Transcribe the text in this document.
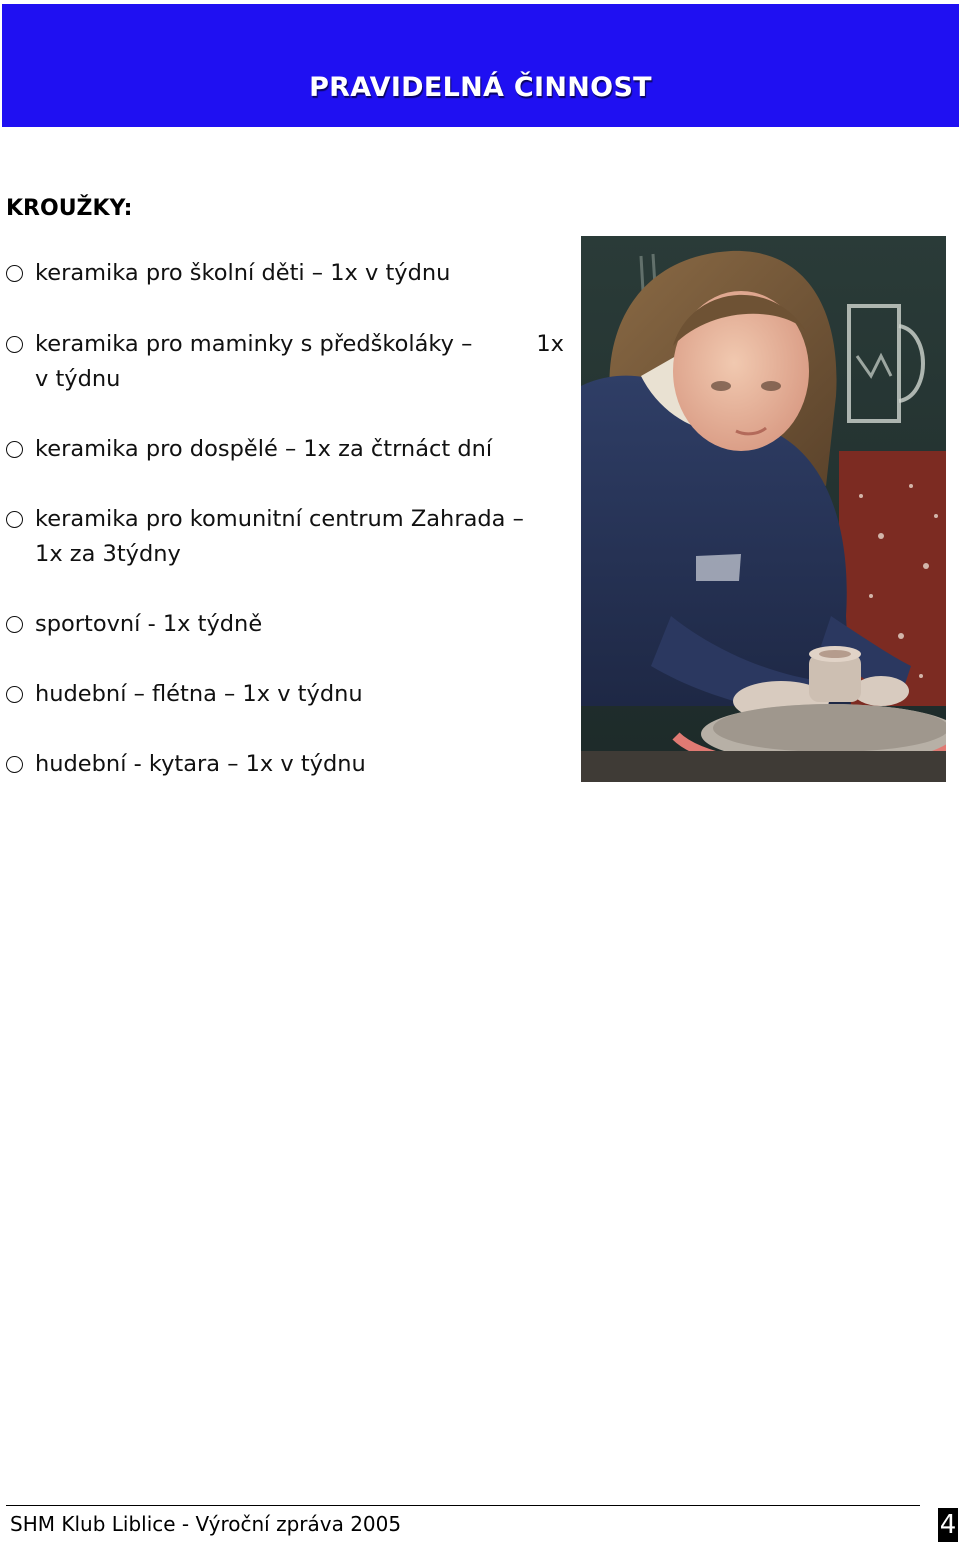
PRAVIDELNÁ ČINNOST
KROUŽKY:
keramika pro školní děti – 1x v týdnu
keramika pro maminky s předškoláky –	1x
v týdnu
keramika pro dospělé – 1x za čtrnáct dní
keramika pro komunitní centrum Zahrada –
1x za 3týdny
sportovní - 1x týdně
hudební – flétna – 1x v týdnu
hudební - kytara – 1x v týdnu
SHM Klub Liblice - Výroční zpráva 2005	4
